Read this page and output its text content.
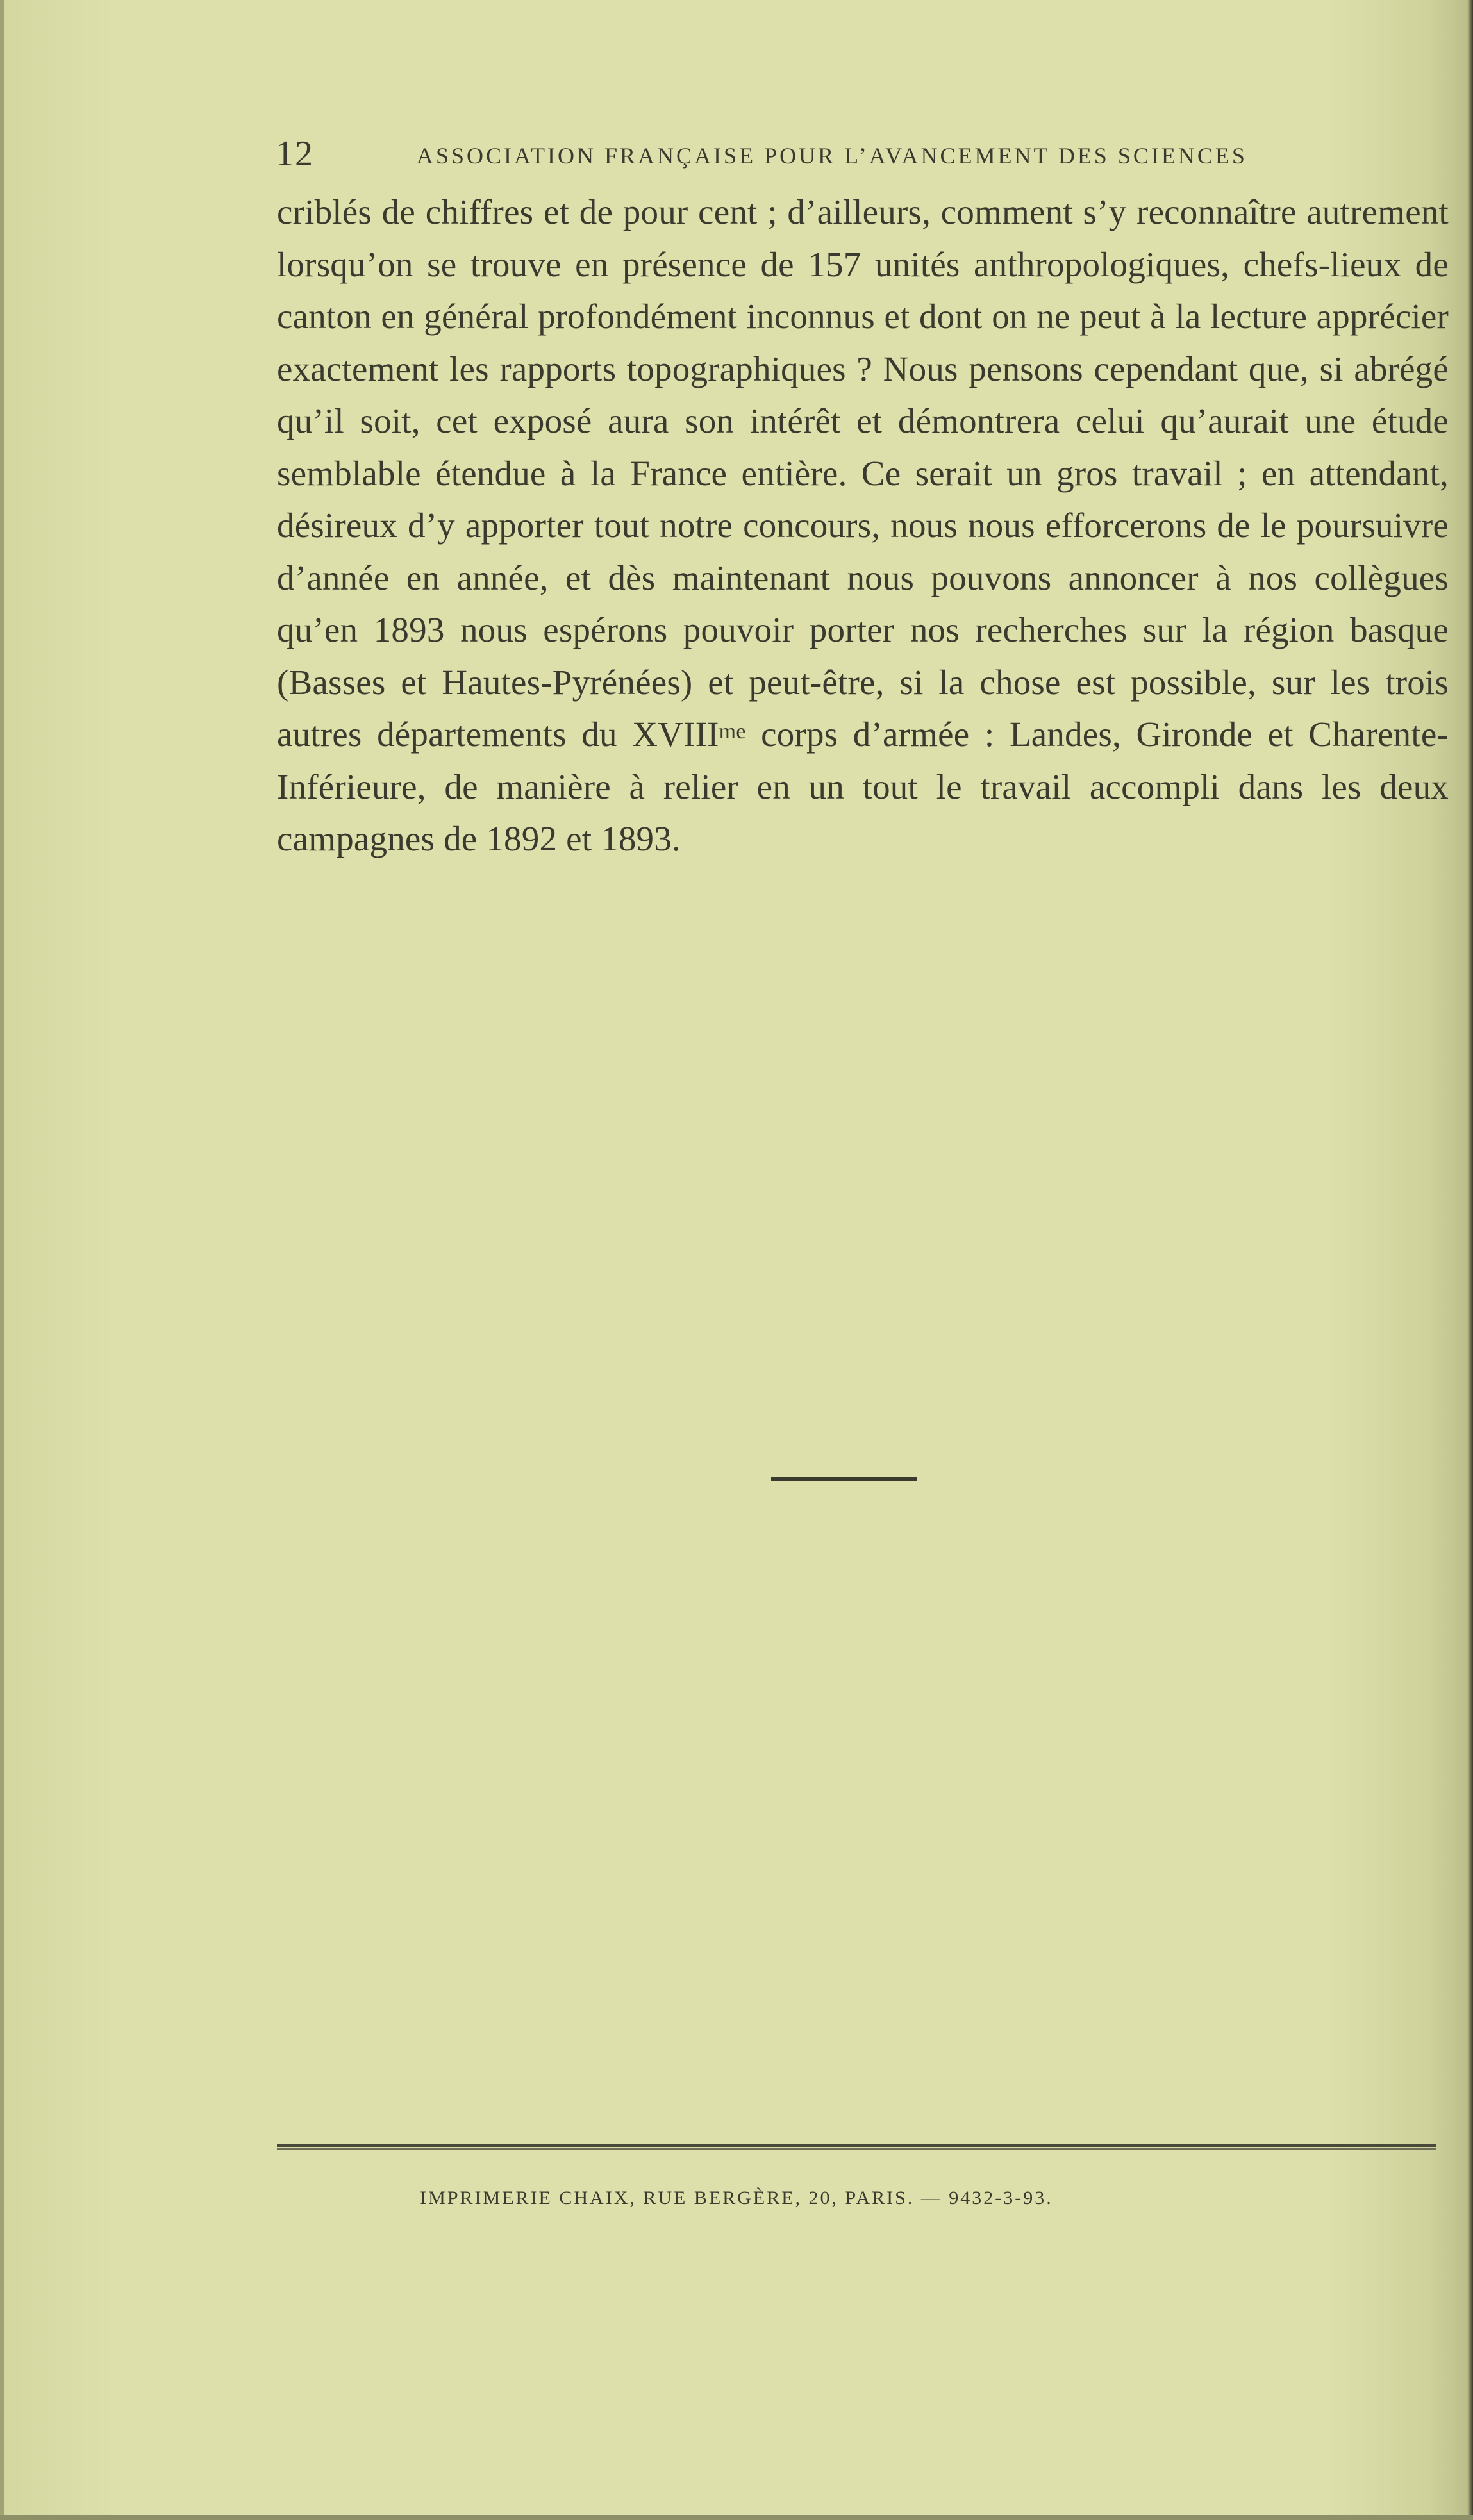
12	ASSOCIATION FRANÇAISE POUR L’AVANCEMENT DES SCIENCES

criblés de chiffres et de pour cent ; d’ailleurs, comment s’y reconnaître autrement lorsqu’on se trouve en présence de 157 unités anthropologiques, chefs-lieux de canton en général profondément inconnus et dont on ne peut à la lecture apprécier exactement les rapports topographiques ? Nous pensons cependant que, si abrégé qu’il soit, cet exposé aura son intérêt et démontrera celui qu’aurait une étude semblable étendue à la France entière. Ce serait un gros travail ; en attendant, désireux d’y apporter tout notre concours, nous nous efforcerons de le poursuivre d’année en année, et dès maintenant nous pouvons annoncer à nos collègues qu’en 1893 nous espérons pouvoir porter nos recherches sur la région basque (Basses et Hautes-Pyrénées) et peut-être, si la chose est possible, sur les trois autres départements du $XVIII^{me}$ corps d’armée : Landes, Gironde et Charente-Inférieure, de manière à relier en un tout le travail accompli dans les deux campagnes de 1892 et 1893.

IMPRIMERIE CHAIX, RUE BERGÈRE, 20, PARIS. — 9432-3-93.
